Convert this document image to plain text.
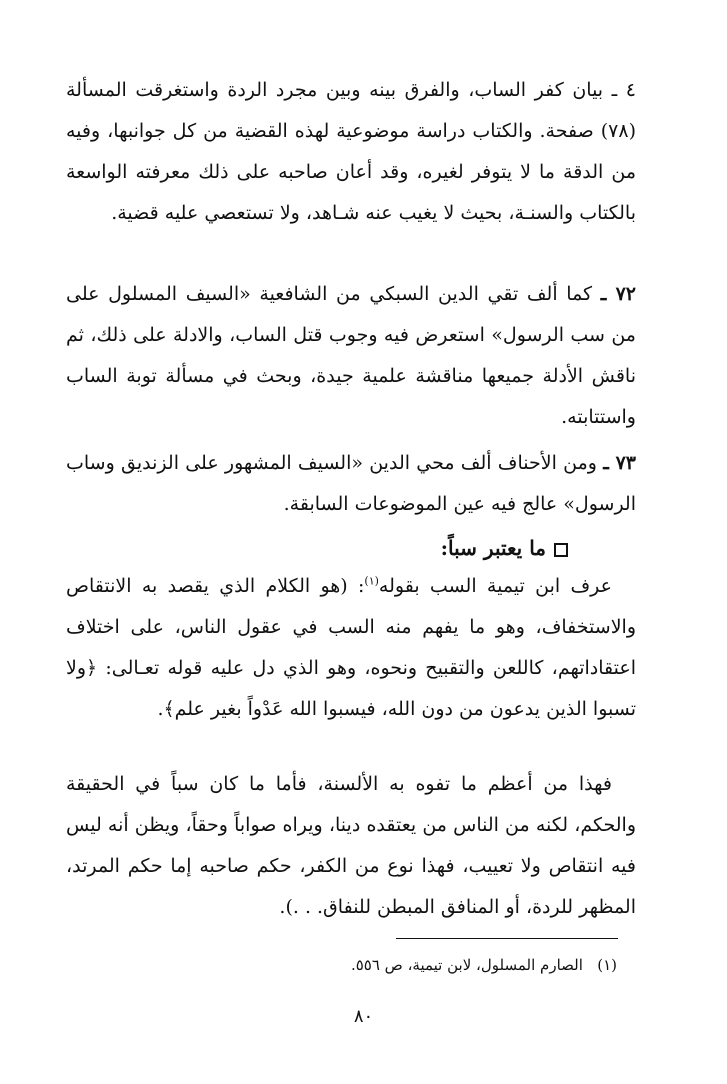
٤ ـ بيان كفر الساب، والفرق بينه وبين مجرد الردة واستغرقت المسألة (٧٨) صفحة. والكتاب دراسة موضوعية لهذه القضية من كل جوانبها، وفيه من الدقة ما لا يتوفر لغيره، وقد أعان صاحبه على ذلك معرفته الواسعة بالكتاب والسنـة، بحيث لا يغيب عنه شـاهد، ولا تستعصي عليه قضية.
٧٢ ـ كما ألف تقي الدين السبكي من الشافعية «السيف المسلول على من سب الرسول» استعرض فيه وجوب قتل الساب، والادلة على ذلك، ثم ناقش الأدلة جميعها مناقشة علمية جيدة، وبحث في مسألة توبة الساب واستتابته.
٧٣ ـ ومن الأحناف ألف محي الدين «السيف المشهور على الزنديق وساب الرسول» عالج فيه عين الموضوعات السابقة.
ما يعتبر سباً:
عرف ابن تيمية السب بقوله$^{(١)}$: (هو الكلام الذي يقصد به الانتقاص والاستخفاف، وهو ما يفهم منه السب في عقول الناس، على اختلاف اعتقاداتهم، كاللعن والتقبيح ونحوه، وهو الذي دل عليه قوله تعـالى: ﴿ولا تسبوا الذين يدعون من دون الله، فيسبوا الله عَدْواً بغير علم﴾.
فهذا من أعظم ما تفوه به الألسنة، فأما ما كان سباً في الحقيقة والحكم، لكنه من الناس من يعتقده دينا، ويراه صواباً وحقاً، ويظن أنه ليس فيه انتقاص ولا تعييب، فهذا نوع من الكفر، حكم صاحبه إما حكم المرتد، المظهر للردة، أو المنافق المبطن للنفاق. . .).
(١)   الصارم المسلول، لابن تيمية، ص ٥٥٦.
٨٠
